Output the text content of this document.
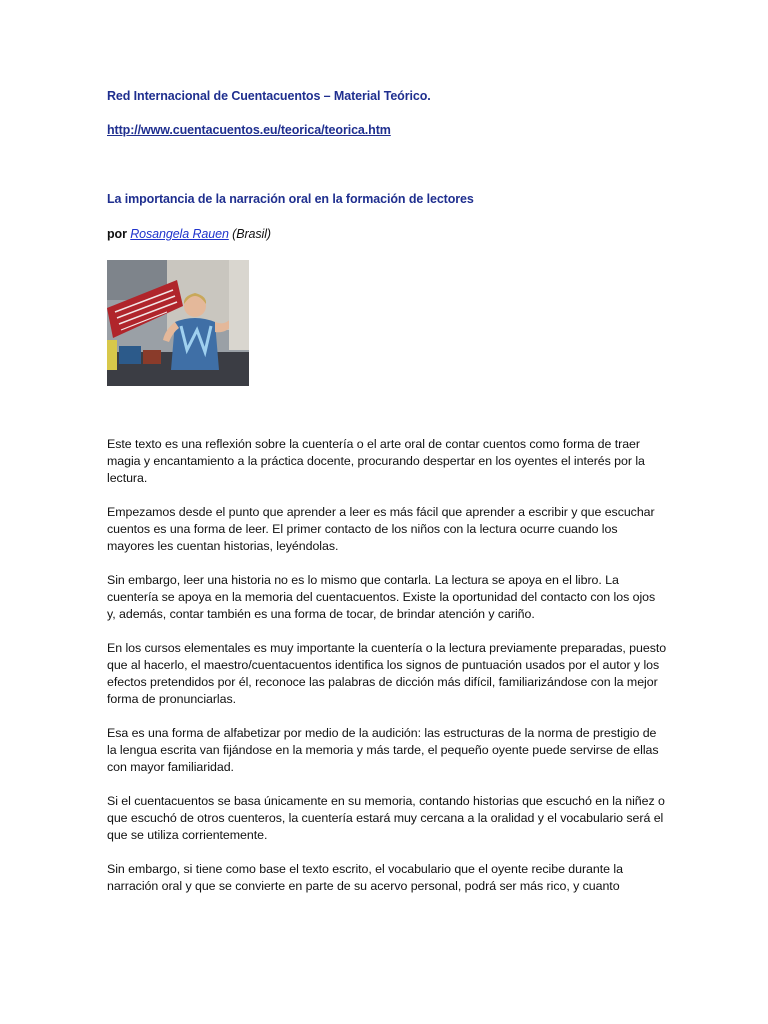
Red Internacional de Cuentacuentos – Material Teórico.
http://www.cuentacuentos.eu/teorica/teorica.htm
La importancia de la narración oral en la formación de lectores
por Rosangela Rauen (Brasil)

Este texto es una reflexión sobre la cuentería o el arte oral de contar cuentos como forma de traer magia y encantamiento a la práctica docente, procurando despertar en los oyentes el interés por la lectura.

Empezamos desde el punto que aprender a leer es más fácil que aprender a escribir y que escuchar cuentos es una forma de leer. El primer contacto de los niños con la lectura ocurre cuando los mayores les cuentan historias, leyéndolas.

Sin embargo, leer una historia no es lo mismo que contarla. La lectura se apoya en el libro. La cuentería se apoya en la memoria del cuentacuentos. Existe la oportunidad del contacto con los ojos y, además, contar también es una forma de tocar, de brindar atención y cariño.

En los cursos elementales es muy importante la cuentería o la lectura previamente preparadas, puesto que al hacerlo, el maestro/cuentacuentos identifica los signos de puntuación usados por el autor y los efectos pretendidos por él, reconoce las palabras de dicción más difícil, familiarizándose con la mejor forma de pronunciarlas.

Esa es una forma de alfabetizar por medio de la audición: las estructuras de la norma de prestigio de la lengua escrita van fijándose en la memoria y más tarde, el pequeño oyente puede servirse de ellas con mayor familiaridad.

Si el cuentacuentos se basa únicamente en su memoria, contando historias que escuchó en la niñez o que escuchó de otros cuenteros, la cuentería estará muy cercana a la oralidad y el vocabulario será el que se utiliza corrientemente.

Sin embargo, si tiene como base el texto escrito, el vocabulario que el oyente recibe durante la narración oral y que se convierte en parte de su acervo personal, podrá ser más rico, y cuanto
